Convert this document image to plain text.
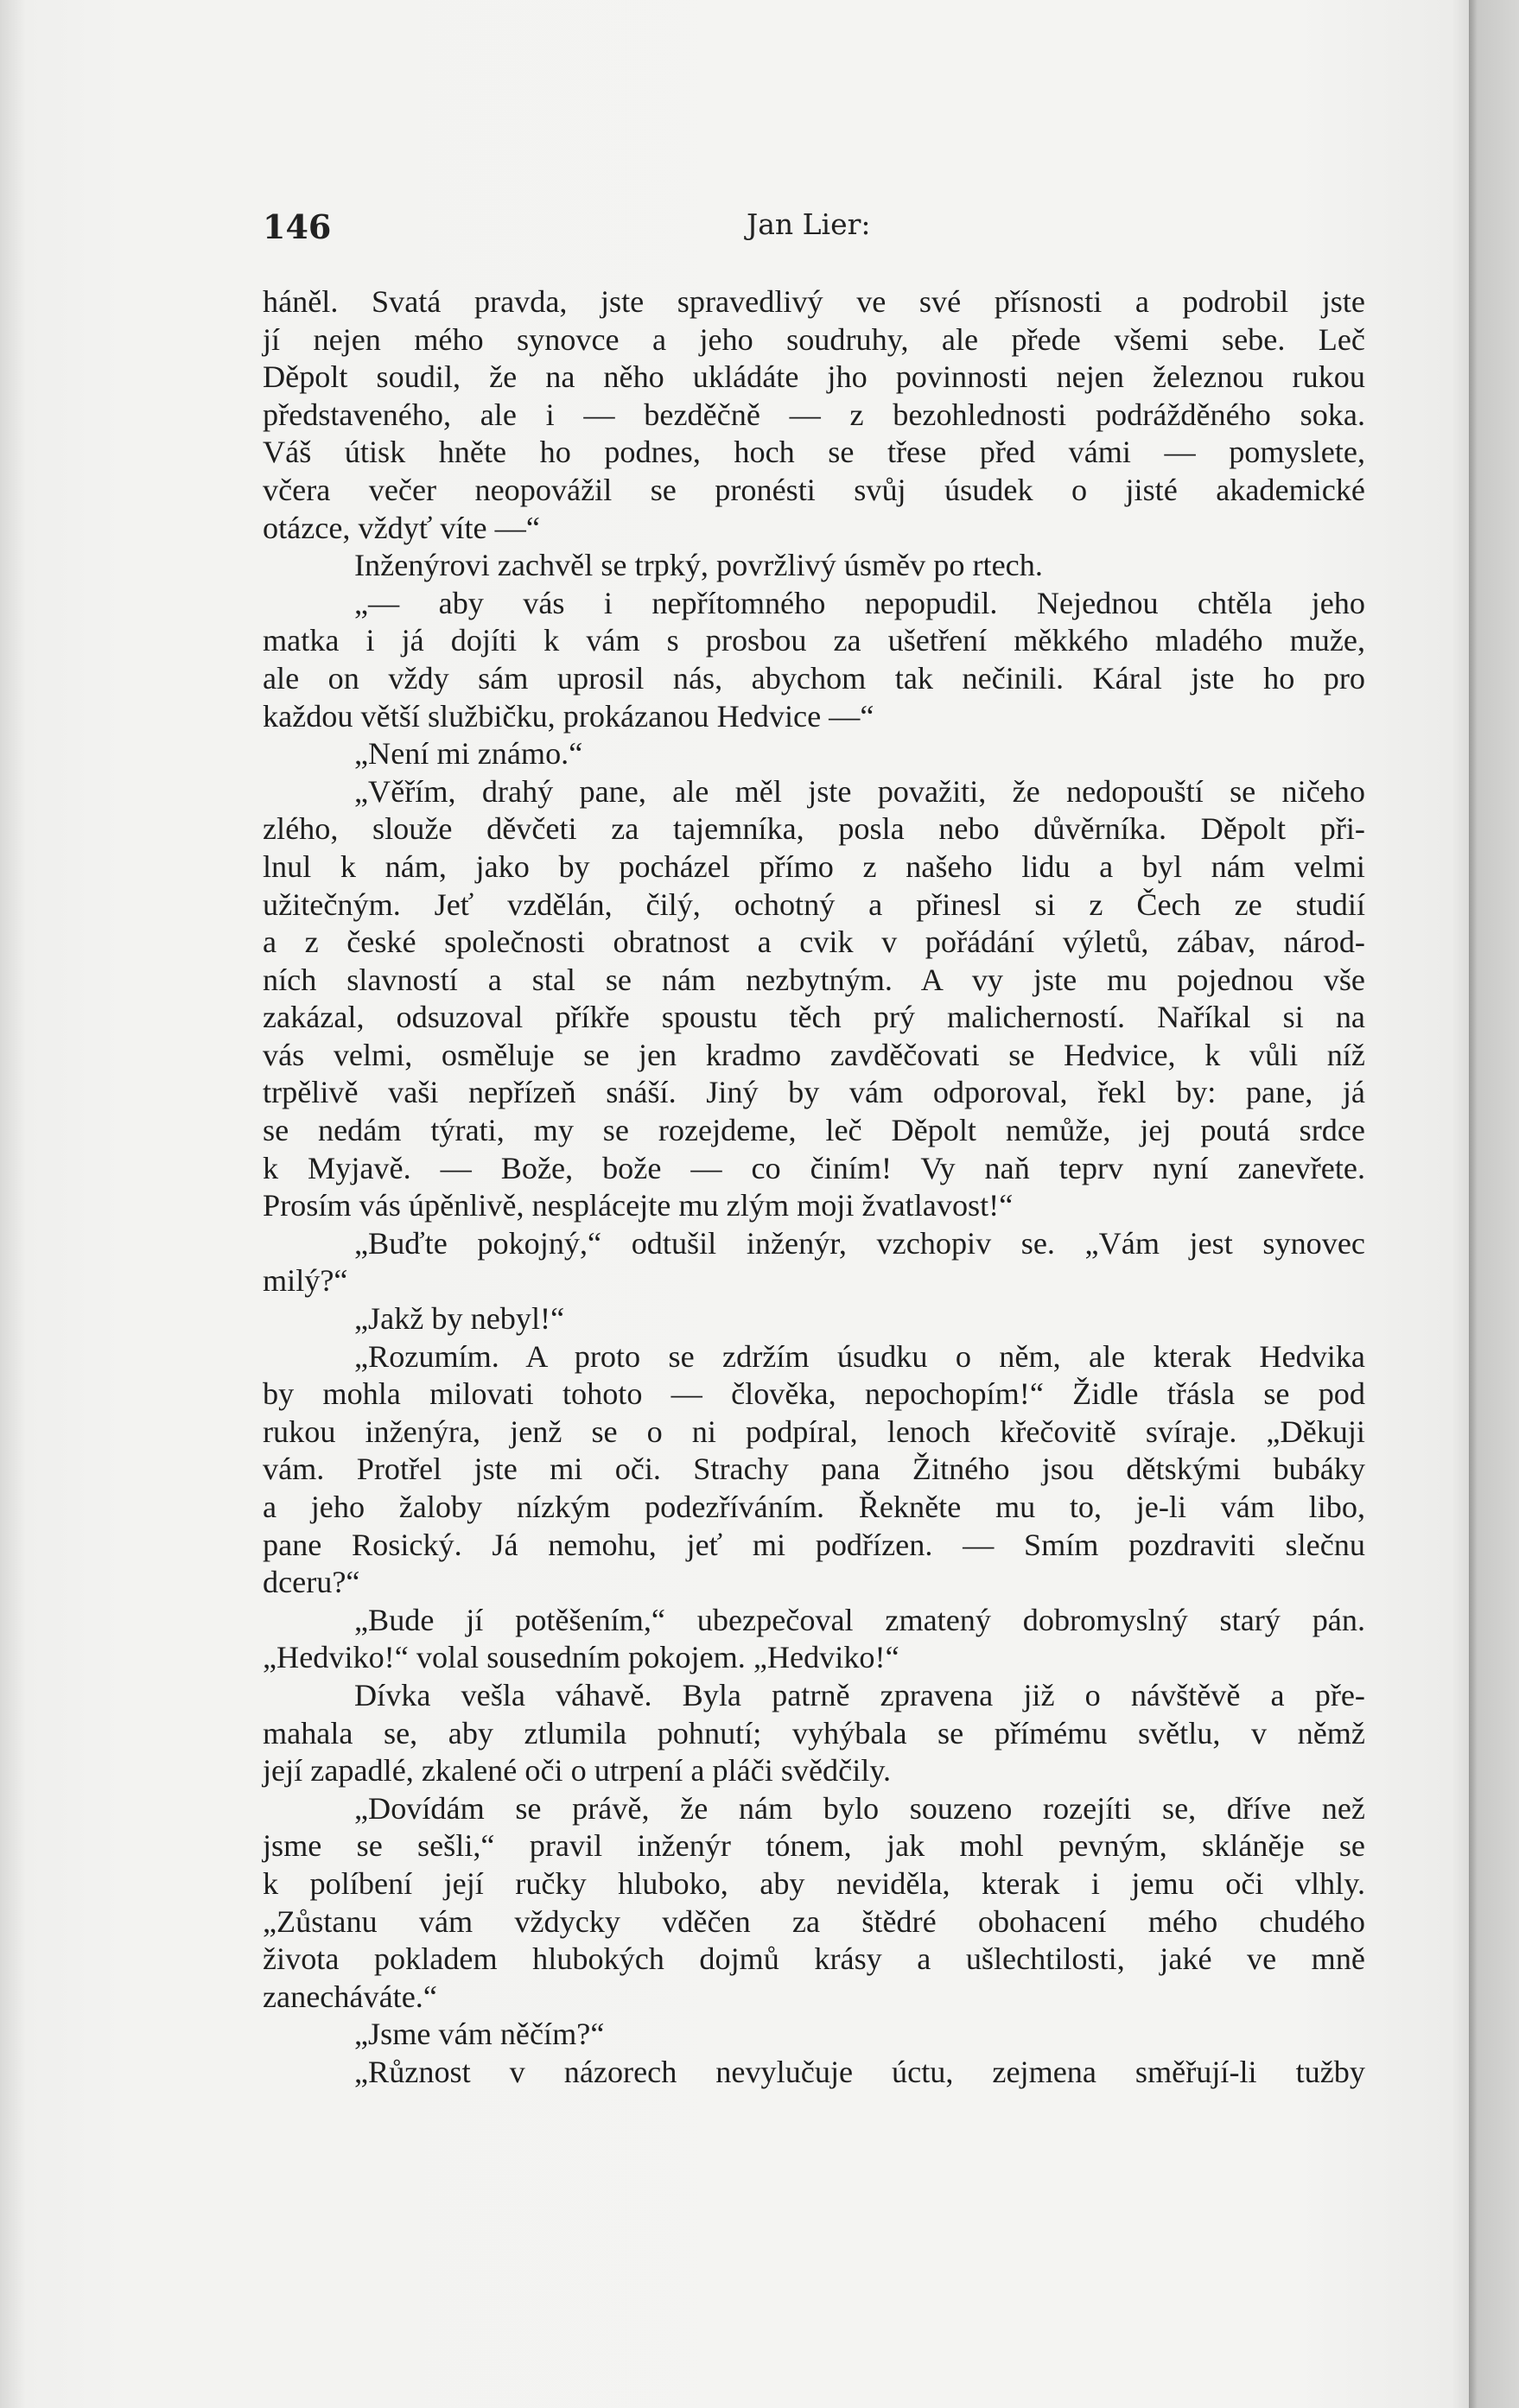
146	Jan Lier:

háněl. Svatá pravda, jste spravedlivý ve své přísnosti a podrobil jste

jí nejen mého synovce a jeho soudruhy, ale přede všemi sebe. Leč

Děpolt soudil, že na něho ukládáte jho povinnosti nejen železnou rukou

představeného, ale i — bezděčně — z bezohlednosti podrážděného soka.

Váš útisk hněte ho podnes, hoch se třese před vámi — pomyslete,

včera večer neopovážil se pronésti svůj úsudek o jisté akademické

otázce, vždyť víte —“

Inženýrovi zachvěl se trpký, povržlivý úsměv po rtech.

„— aby vás i nepřítomného nepopudil. Nejednou chtěla jeho

matka i já dojíti k vám s prosbou za ušetření měkkého mladého muže,

ale on vždy sám uprosil nás, abychom tak nečinili. Káral jste ho pro

každou větší službičku, prokázanou Hedvice —“

„Není mi známo.“

„Věřím, drahý pane, ale měl jste považiti, že nedopouští se ničeho

zlého, slouže děvčeti za tajemníka, posla nebo důvěrníka. Děpolt při-

lnul k nám, jako by pocházel přímo z našeho lidu a byl nám velmi

užitečným. Jeť vzdělán, čilý, ochotný a přinesl si z Čech ze studií

a z české společnosti obratnost a cvik v pořádání výletů, zábav, národ-

ních slavností a stal se nám nezbytným. A vy jste mu pojednou vše

zakázal, odsuzoval příkře spoustu těch prý malicherností. Naříkal si na

vás velmi, osměluje se jen kradmo zavděčovati se Hedvice, k vůli níž

trpělivě vaši nepřízeň snáší. Jiný by vám odporoval, řekl by: pane, já

se nedám týrati, my se rozejdeme, leč Děpolt nemůže, jej poutá srdce

k Myjavě. — Bože, bože — co činím! Vy naň teprv nyní zanevřete.

Prosím vás úpěnlivě, nesplácejte mu zlým moji žvatlavost!“

„Buďte pokojný,“ odtušil inženýr, vzchopiv se. „Vám jest synovec

milý?“

„Jakž by nebyl!“

„Rozumím. A proto se zdržím úsudku o něm, ale kterak Hedvika

by mohla milovati tohoto — člověka, nepochopím!“ Židle třásla se pod

rukou inženýra, jenž se o ni podpíral, lenoch křečovitě svíraje. „Děkuji

vám. Protřel jste mi oči. Strachy pana Žitného jsou dětskými bubáky

a jeho žaloby nízkým podezříváním. Řekněte mu to, je-li vám libo,

pane Rosický. Já nemohu, jeť mi podřízen. — Smím pozdraviti slečnu

dceru?“

„Bude jí potěšením,“ ubezpečoval zmatený dobromyslný starý pán.

„Hedviko!“ volal sousedním pokojem. „Hedviko!“

Dívka vešla váhavě. Byla patrně zpravena již o návštěvě a pře-

mahala se, aby ztlumila pohnutí; vyhýbala se přímému světlu, v němž

její zapadlé, zkalené oči o utrpení a pláči svědčily.

„Dovídám se právě, že nám bylo souzeno rozejíti se, dříve než

jsme se sešli,“ pravil inženýr tónem, jak mohl pevným, skláněje se

k políbení její ručky hluboko, aby neviděla, kterak i jemu oči vlhly.

„Zůstanu vám vždycky vděčen za štědré obohacení mého chudého

života pokladem hlubokých dojmů krásy a ušlechtilosti, jaké ve mně

zanecháváte.“

„Jsme vám něčím?“

„Různost v názorech nevylučuje úctu, zejmena směřují-li tužby
